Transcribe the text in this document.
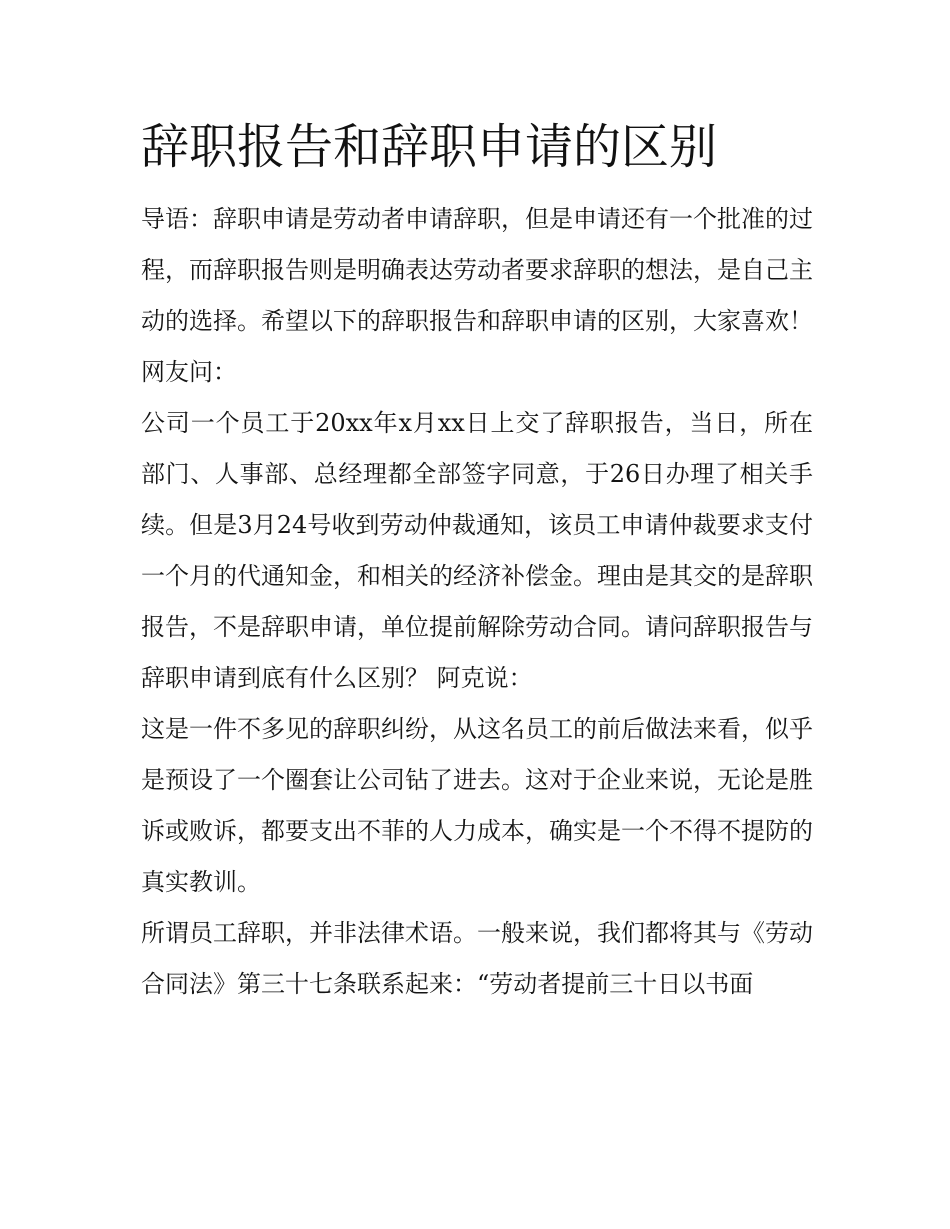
辞职报告和辞职申请的区别

导语：辞职申请是劳动者申请辞职，但是申请还有一个批准的过程，而辞职报告则是明确表达劳动者要求辞职的想法，是自己主动的选择。希望以下的辞职报告和辞职申请的区别，大家喜欢！

网友问：

公司一个员工于20xx年x月xx日上交了辞职报告，当日，所在部门、人事部、总经理都全部签字同意，于26日办理了相关手续。但是3月24号收到劳动仲裁通知，该员工申请仲裁要求支付一个月的代通知金，和相关的经济补偿金。理由是其交的是辞职报告，不是辞职申请，单位提前解除劳动合同。请问辞职报告与

辞职申请到底有什么区别？ 阿克说：

这是一件不多见的辞职纠纷，从这名员工的前后做法来看，似乎是预设了一个圈套让公司钻了进去。这对于企业来说，无论是胜诉或败诉，都要支出不菲的人力成本，确实是一个不得不提防的真实教训。

所谓员工辞职，并非法律术语。一般来说，我们都将其与《劳动合同法》第三十七条联系起来：“劳动者提前三十日以书面
